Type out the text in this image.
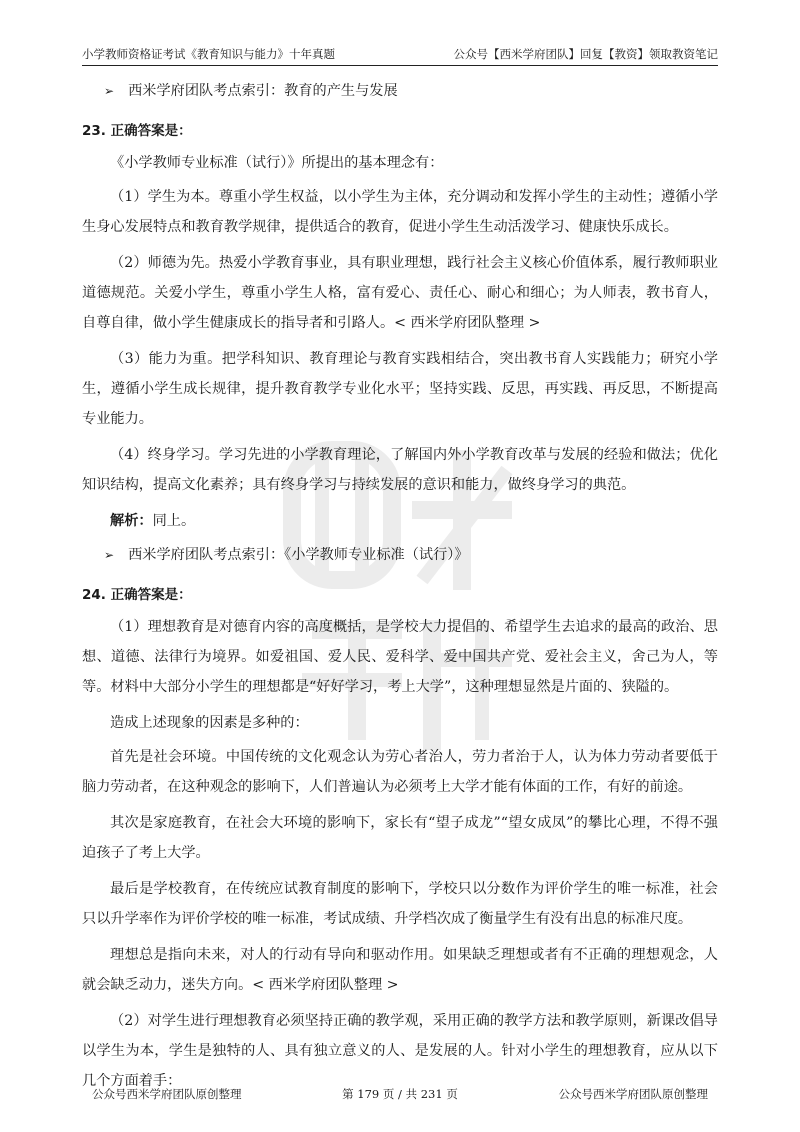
小学教师资格证考试《教育知识与能力》十年真题	公众号【西米学府团队】回复【教资】领取教资笔记

➢ 西米学府团队考点索引：教育的产生与发展

23. 正确答案是：

《小学教师专业标准（试行）》所提出的基本理念有：

（1）学生为本。尊重小学生权益，以小学生为主体，充分调动和发挥小学生的主动性；遵循小学生身心发展特点和教育教学规律，提供适合的教育，促进小学生生动活泼学习、健康快乐成长。

（2）师德为先。热爱小学教育事业，具有职业理想，践行社会主义核心价值体系，履行教师职业道德规范。关爱小学生，尊重小学生人格，富有爱心、责任心、耐心和细心；为人师表，教书育人，自尊自律，做小学生健康成长的指导者和引路人。< 西米学府团队整理 >

（3）能力为重。把学科知识、教育理论与教育实践相结合，突出教书育人实践能力；研究小学生，遵循小学生成长规律，提升教育教学专业化水平；坚持实践、反思，再实践、再反思，不断提高专业能力。

（4）终身学习。学习先进的小学教育理论，了解国内外小学教育改革与发展的经验和做法；优化知识结构，提高文化素养；具有终身学习与持续发展的意识和能力，做终身学习的典范。

解析：同上。

➢ 西米学府团队考点索引：《小学教师专业标准（试行）》

24. 正确答案是：

（1）理想教育是对德育内容的高度概括，是学校大力提倡的、希望学生去追求的最高的政治、思想、道德、法律行为境界。如爱祖国、爱人民、爱科学、爱中国共产党、爱社会主义，舍己为人，等等。材料中大部分小学生的理想都是“好好学习，考上大学”，这种理想显然是片面的、狭隘的。

造成上述现象的因素是多种的：

首先是社会环境。中国传统的文化观念认为劳心者治人，劳力者治于人，认为体力劳动者要低于脑力劳动者，在这种观念的影响下，人们普遍认为必须考上大学才能有体面的工作，有好的前途。

其次是家庭教育，在社会大环境的影响下，家长有“望子成龙”“望女成凤”的攀比心理，不得不强迫孩子了考上大学。

最后是学校教育，在传统应试教育制度的影响下，学校只以分数作为评价学生的唯一标准，社会只以升学率作为评价学校的唯一标准，考试成绩、升学档次成了衡量学生有没有出息的标准尺度。

理想总是指向未来，对人的行动有导向和驱动作用。如果缺乏理想或者有不正确的理想观念，人就会缺乏动力，迷失方向。< 西米学府团队整理 >

（2）对学生进行理想教育必须坚持正确的教学观，采用正确的教学方法和教学原则，新课改倡导以学生为本，学生是独特的人、具有独立意义的人、是发展的人。针对小学生的理想教育，应从以下几个方面着手：

公众号西米学府团队原创整理	第 179 页 / 共 231 页	公众号西米学府团队原创整理
